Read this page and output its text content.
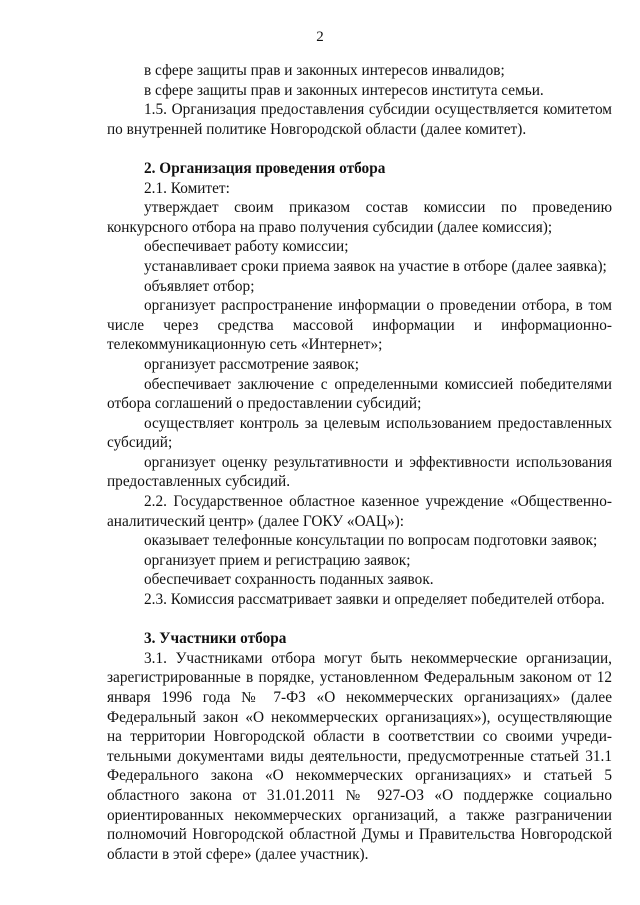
2

в сфере защиты прав и законных интересов инвалидов;

в сфере защиты прав и законных интересов института семьи.

1.5. Организация предоставления субсидии осуществляется комитетом по внутренней политике Новгородской области (далее комитет).

2. Организация проведения отбора

2.1. Комитет:

утверждает своим приказом состав комиссии по проведению конкурсного отбора на право получения субсидии (далее комиссия);

обеспечивает работу комиссии;

устанавливает сроки приема заявок на участие в отборе (далее заявка);

объявляет отбор;

организует распространение информации о проведении отбора, в том числе через средства массовой информации и информационно-телекоммуникационную сеть «Интернет»;

организует рассмотрение заявок;

обеспечивает заключение с определенными комиссией победителями отбора соглашений о предоставлении субсидий;

осуществляет контроль за целевым использованием предоставленных субсидий;

организует оценку результативности и эффективности использования предоставленных субсидий.

2.2. Государственное областное казенное учреждение «Общественно-аналитический центр» (далее ГОКУ «ОАЦ»):

оказывает телефонные консультации по вопросам подготовки заявок;

организует прием и регистрацию заявок;

обеспечивает сохранность поданных заявок.

2.3. Комиссия рассматривает заявки и определяет победителей отбора.

3. Участники отбора

3.1. Участниками отбора могут быть некоммерческие организации, зарегистрированные в порядке, установленном Федеральным законом от 12 января 1996 года № 7-ФЗ «О некоммерческих организациях» (далее Федеральный закон «О некоммерческих организациях»), осуществляющие на территории Новгородской области в соответствии со своими учреди-тельными документами виды деятельности, предусмотренные статьей 31.1 Федерального закона «О некоммерческих организациях» и статьей 5 областного закона от 31.01.2011 № 927-ОЗ «О поддержке социально ориентированных некоммерческих организаций, а также разграничении полномочий Новгородской областной Думы и Правительства Новгородской области в этой сфере» (далее участник).
